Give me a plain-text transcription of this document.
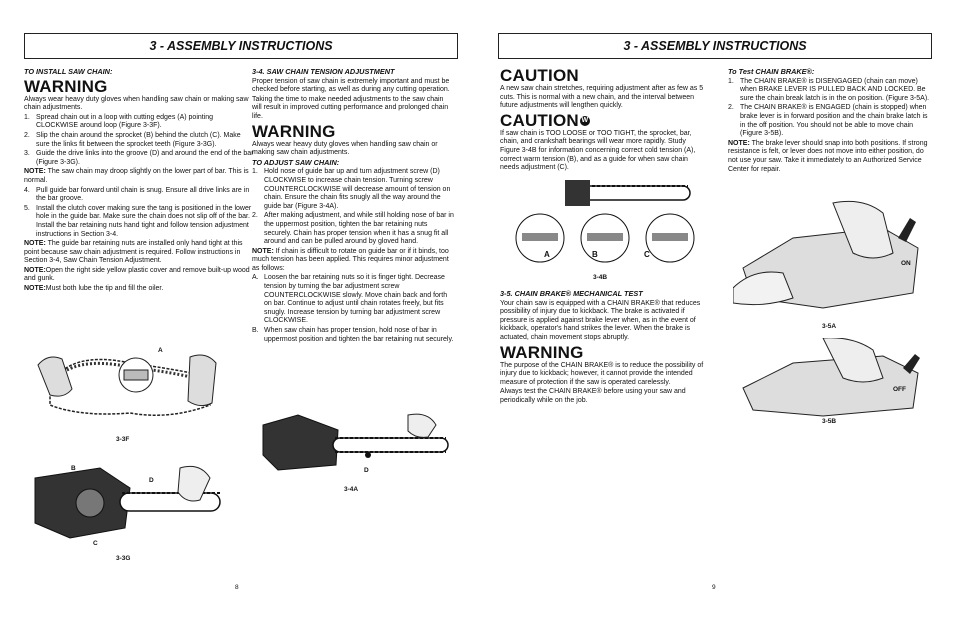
3 - ASSEMBLY INSTRUCTIONS
TO INSTALL SAW CHAIN:
WARNING

Always wear heavy duty gloves when handling saw chain or making saw chain adjustments.

1. Spread chain out in a loop with cutting edges (A) pointing CLOCKWISE around loop (Figure 3-3F).
2. Slip the chain around the sprocket (B) behind the clutch (C). Make sure the links fit between the sprocket teeth (Figure 3-3G).
3. Guide the drive links into the groove (D) and around the end of the bar (Figure 3-3G).

NOTE: The saw chain may droop slightly on the lower part of bar. This is normal.

4. Pull guide bar forward until chain is snug. Ensure all drive links are in the bar groove.
5. Install the clutch cover making sure the tang is positioned in the lower hole in the guide bar. Make sure the chain does not slip off of the bar. Install the bar retaining nuts hand tight and follow tension adjustment instructions in Section 3-4.

NOTE: The guide bar retaining nuts are installed only hand tight at this point because saw chain adjustment is required. Follow instructions in Section 3-4, Saw Chain Tension Adjustment.

NOTE:Open the right side yellow plastic cover and remove built-up wood and gunk.

NOTE:Must both lube the tip and fill the oiler.

A
3-3F
B
D
C
3-3G
3-4. SAW CHAIN TENSION ADJUSTMENT

Proper tension of saw chain is extremely important and must be checked before starting, as well as during any cutting operation.

Taking the time to make needed adjustments to the saw chain will result in improved cutting performance and prolonged chain life.

WARNING

Always wear heavy duty gloves when handling saw chain or making saw chain adjustments.

TO ADJUST SAW CHAIN:
1. Hold nose of guide bar up and turn adjustment screw (D) CLOCKWISE to increase chain tension. Turning screw COUNTERCLOCKWISE will decrease amount of tension on chain. Ensure the chain fits snugly all the way around the guide bar (Figure 3-4A).
2. After making adjustment, and while still holding nose of bar in the uppermost position, tighten the bar retaining nuts securely. Chain has proper tension when it has a snug fit all around and can be pulled around by gloved hand.

NOTE: If chain is difficult to rotate on guide bar or if it binds, too much tension has been applied. This requires minor adjustment as follows:

A. Loosen the bar retaining nuts so it is finger tight. Decrease tension by turning the bar adjustment screw COUNTERCLOCKWISE slowly. Move chain back and forth on bar. Continue to adjust until chain rotates freely, but fits snugly. Increase tension by turning bar adjustment screw CLOCKWISE.
B. When saw chain has proper tension, hold nose of bar in uppermost position and tighten the bar retaining nut securely.
D
3-4A
8
3 - ASSEMBLY INSTRUCTIONS
CAUTION

A new saw chain stretches, requiring adjustment after as few as 5 cuts. This is normal with a new chain, and the interval between future adjustments will lengthen quickly.

CAUTION W

If saw chain is TOO LOOSE or TOO TIGHT, the sprocket, bar, chain, and crankshaft bearings will wear more rapidly. Study Figure 3-4B for information concerning correct cold tension (A), correct warm tension (B), and as a guide for when saw chain needs adjustment (C).

A	B	C
3-4B
3-5. CHAIN BRAKE® MECHANICAL TEST

Your chain saw is equipped with a CHAIN BRAKE® that reduces possibility of injury due to kickback. The brake is activated if pressure is applied against brake lever when, as in the event of kickback, operator's hand strikes the lever. When the brake is actuated, chain movement stops abruptly.

WARNING

The purpose of the CHAIN BRAKE® is to reduce the possibility of injury due to kickback; however, it cannot provide the intended measure of protection if the saw is operated carelessly.

Always test the CHAIN BRAKE® before using your saw and periodically while on the job.

To Test CHAIN BRAKE®:
1. The CHAIN BRAKE® is DISENGAGED (chain can move) when BRAKE LEVER IS PULLED BACK AND LOCKED. Be sure the chain break latch is in the on position. (Figure 3-5A).
2. The CHAIN BRAKE® is ENGAGED (chain is stopped) when brake lever is in forward position and the chain brake latch is in the off position. You should not be able to move chain (Figure 3-5B).

NOTE: The brake lever should snap into both positions. If strong resistance is felt, or lever does not move into either position, do not use your saw. Take it immediately to an Authorized Service Center for repair.

ON
3-5A
OFF
3-5B
9
